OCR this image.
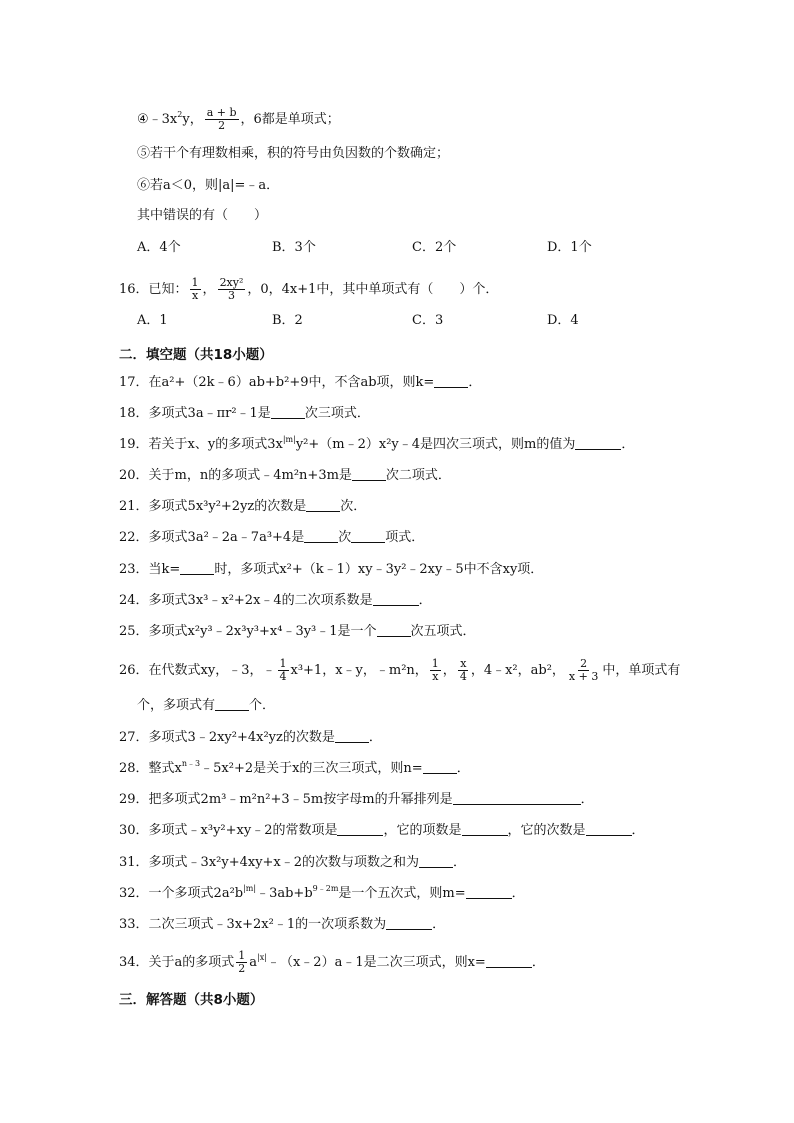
$④﹣3x^2y$， $\frac{a + b}{2}$ ，6都是单项式；
⑤若干个有理数相乘，积的符号由负因数的个数确定；
⑥若a＜0，则|a|=﹣a．
其中错误的有（　　）
A．4个	B．3个	C．2个	D．1个
16．已知： $\frac{1}{x}$ ， $\frac{\text{2xy²}}{3}$ ，0，4x+1中，其中单项式有（　　）个．
A．1	B．2	C．3	D．4
二．填空题（共18小题）
17．在a²+（2k﹣6）ab+b²+9中，不含ab项，则k=	．
18．多项式3a﹣πr²﹣1是	次三项式．
19．若关于x、y的多项式$3x^{|m|}y^2+(m﹣2)x^2y﹣4$是四次三项式，则m的值为	．
20．关于m，n的多项式﹣4m²n+3m是	次二项式．
21．多项式5x³y²+2yz的次数是	次．
22．多项式3a²﹣2a﹣7a³+4是	次	项式．
23．当k=	时，多项式x²+（k﹣1）xy﹣3y²﹣2xy﹣5中不含xy项．
24．多项式3x³﹣x²+2x﹣4的二次项系数是	．
25．多项式x²y³﹣2x³y³+x⁴﹣3y³﹣1是一个	次五项式．
26．在代数式xy，﹣3，﹣ $\frac{1}{4} x^3+1$，x﹣y，﹣m²n， $\frac{1}{x}$ ， $\frac{x}{4}$ ，4﹣x²，ab²， $\frac{2}{x + 3}$ 中，单项式有
个，多项式有	个．
27．多项式3﹣2xy²+4x²yz的次数是	．
28．整式$x^{n﹣3}﹣5x^2+2$是关于x的三次三项式，则n=	．
29．把多项式2m³﹣m²n²+3﹣5m按字母m的升幂排列是	．
30．多项式﹣x³y²+xy﹣2的常数项是	，它的项数是	，它的次数是	．
31．多项式﹣3x²y+4xy+x﹣2的次数与项数之和为	．
32．一个多项式$2a^2b^{|m|}﹣3ab+b^{9﹣2m}$是一个五次式，则m=	．
33．二次三项式﹣3x+2x²﹣1的一次项系数为	．
34．关于a的多项式 $\frac{1}{2}$ $a^{|x|}﹣(x﹣2)a﹣1$是二次三项式，则x=	．
三．解答题（共8小题）
